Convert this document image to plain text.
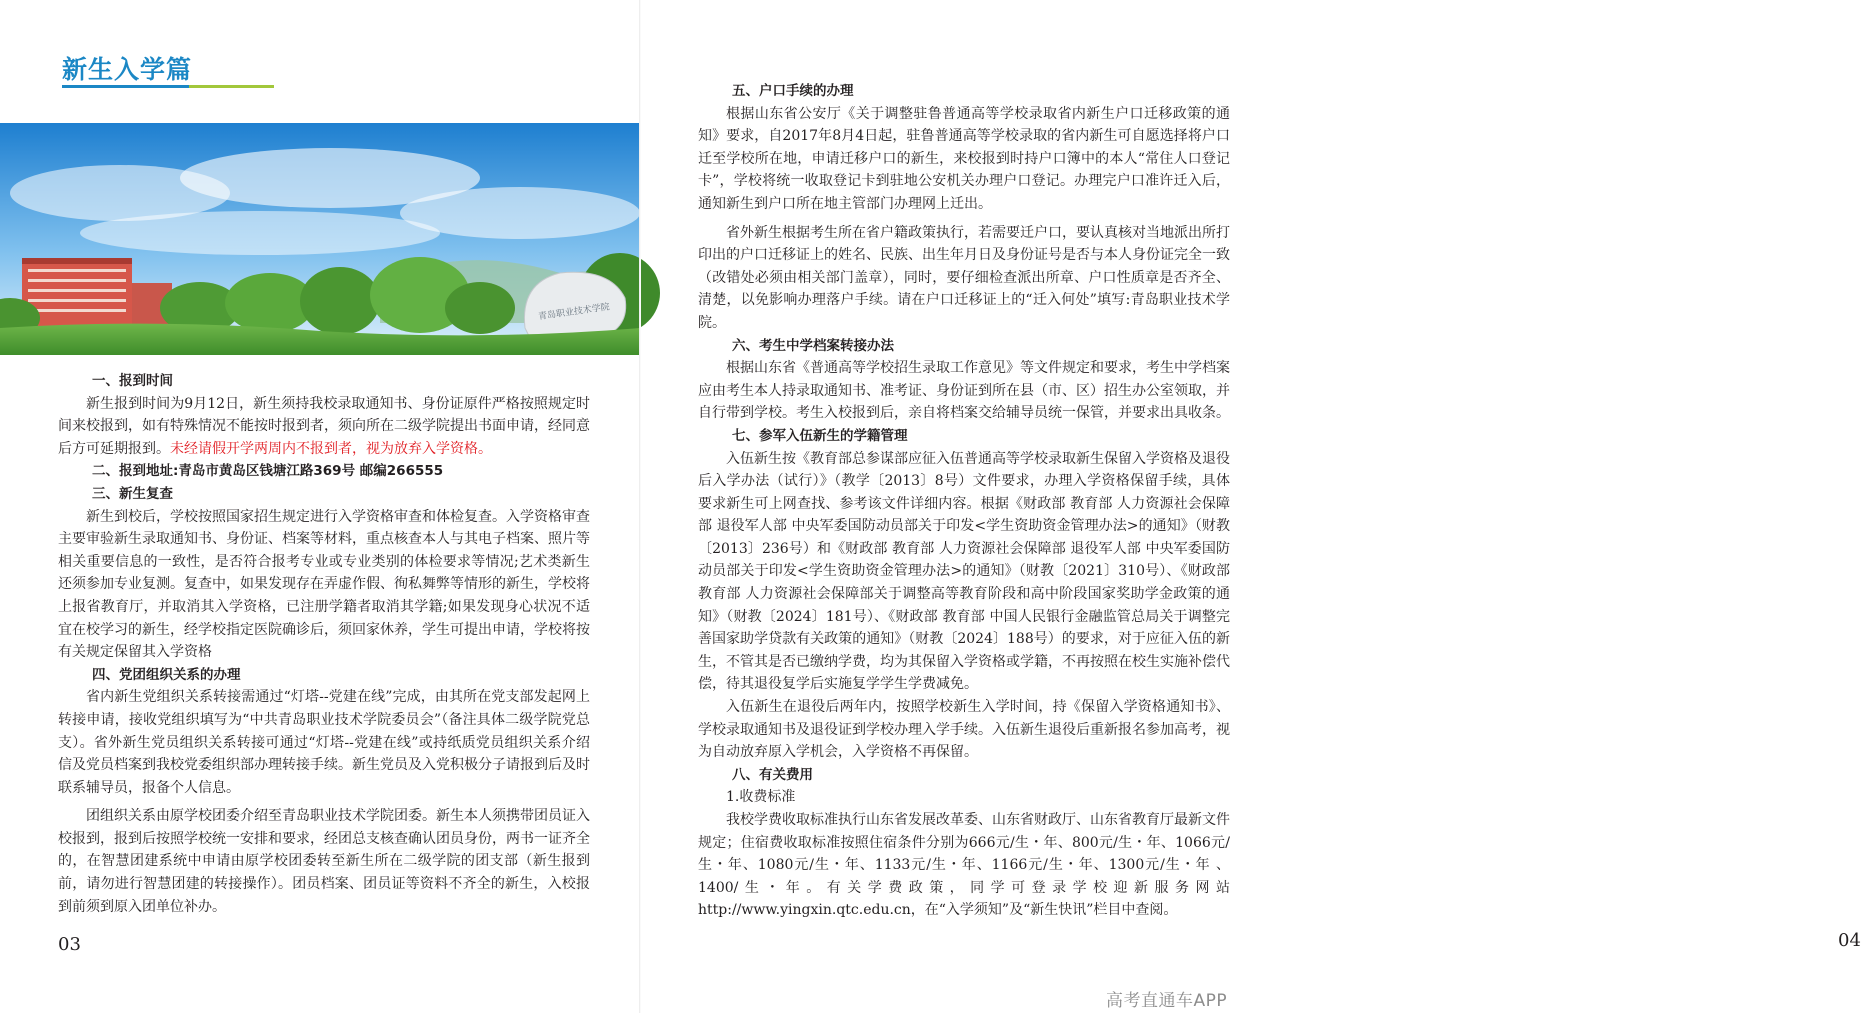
新生入学篇
青岛职业技术学院

一、报到时间

新生报到时间为9月12日，新生须持我校录取通知书、身份证原件严格按照规定时间来校报到，如有特殊情况不能按时报到者，须向所在二级学院提出书面申请，经同意后方可延期报到。未经请假开学两周内不报到者，视为放弃入学资格。

二、报到地址:青岛市黄岛区钱塘江路369号 邮编266555

三、新生复查

新生到校后，学校按照国家招生规定进行入学资格审查和体检复查。入学资格审查主要审验新生录取通知书、身份证、档案等材料，重点核查本人与其电子档案、照片等相关重要信息的一致性，是否符合报考专业或专业类别的体检要求等情况;艺术类新生还须参加专业复测。复查中，如果发现存在弄虚作假、徇私舞弊等情形的新生，学校将上报省教育厅，并取消其入学资格，已注册学籍者取消其学籍;如果发现身心状况不适宜在校学习的新生，经学校指定医院确诊后，须回家休养，学生可提出申请，学校将按有关规定保留其入学资格

四、党团组织关系的办理

省内新生党组织关系转接需通过“灯塔--党建在线”完成，由其所在党支部发起网上转接申请，接收党组织填写为“中共青岛职业技术学院委员会”（备注具体二级学院党总支）。省外新生党员组织关系转接可通过“灯塔--党建在线”或持纸质党员组织关系介绍信及党员档案到我校党委组织部办理转接手续。新生党员及入党积极分子请报到后及时联系辅导员，报备个人信息。

团组织关系由原学校团委介绍至青岛职业技术学院团委。新生本人须携带团员证入校报到，报到后按照学校统一安排和要求，经团总支核查确认团员身份，两书一证齐全的，在智慧团建系统中申请由原学校团委转至新生所在二级学院的团支部（新生报到前，请勿进行智慧团建的转接操作）。团员档案、团员证等资料不齐全的新生，入校报到前须到原入团单位补办。

03	04

五、户口手续的办理

根据山东省公安厅《关于调整驻鲁普通高等学校录取省内新生户口迁移政策的通知》要求，自2017年8月4日起，驻鲁普通高等学校录取的省内新生可自愿选择将户口迁至学校所在地，申请迁移户口的新生，来校报到时持户口簿中的本人“常住人口登记卡”，学校将统一收取登记卡到驻地公安机关办理户口登记。办理完户口准许迁入后，通知新生到户口所在地主管部门办理网上迁出。

省外新生根据考生所在省户籍政策执行，若需要迁户口，要认真核对当地派出所打印出的户口迁移证上的姓名、民族、出生年月日及身份证号是否与本人身份证完全一致（改错处必须由相关部门盖章），同时，要仔细检查派出所章、户口性质章是否齐全、清楚，以免影响办理落户手续。请在户口迁移证上的“迁入何处”填写:青岛职业技术学院。

六、考生中学档案转接办法

根据山东省《普通高等学校招生录取工作意见》等文件规定和要求，考生中学档案应由考生本人持录取通知书、准考证、身份证到所在县（市、区）招生办公室领取，并自行带到学校。考生入校报到后，亲自将档案交给辅导员统一保管，并要求出具收条。

七、参军入伍新生的学籍管理

入伍新生按《教育部总参谋部应征入伍普通高等学校录取新生保留入学资格及退役后入学办法（试行）》（教学〔2013〕8号）文件要求，办理入学资格保留手续，具体要求新生可上网查找、参考该文件详细内容。根据《财政部 教育部 人力资源社会保障部 退役军人部 中央军委国防动员部关于印发<学生资助资金管理办法>的通知》（财教〔2013〕236号）和《财政部 教育部 人力资源社会保障部 退役军人部 中央军委国防动员部关于印发<学生资助资金管理办法>的通知》（财教〔2021〕310号）、《财政部 教育部 人力资源社会保障部关于调整高等教育阶段和高中阶段国家奖助学金政策的通知》（财教〔2024〕181号）、《财政部 教育部 中国人民银行金融监管总局关于调整完善国家助学贷款有关政策的通知》（财教〔2024〕188号）的要求，对于应征入伍的新生，不管其是否已缴纳学费，均为其保留入学资格或学籍，不再按照在校生实施补偿代偿，待其退役复学后实施复学学生学费减免。

入伍新生在退役后两年内，按照学校新生入学时间，持《保留入学资格通知书》、学校录取通知书及退役证到学校办理入学手续。入伍新生退役后重新报名参加高考，视为自动放弃原入学机会，入学资格不再保留。

八、有关费用

1.收费标准

我校学费收取标准执行山东省发展改革委、山东省财政厅、山东省教育厅最新文件规定；住宿费收取标准按照住宿条件分别为666元/生・年、800元/生・年、1066元/生・年、1080元/生・年、1133元/生・年、1166元/生・年、1300元/生・年 、1400/生・年。有关学费政策，同学可登录学校迎新服务网站http://www.yingxin.qtc.edu.cn，在“入学须知”及“新生快讯”栏目中查阅。

高考直通车APP
